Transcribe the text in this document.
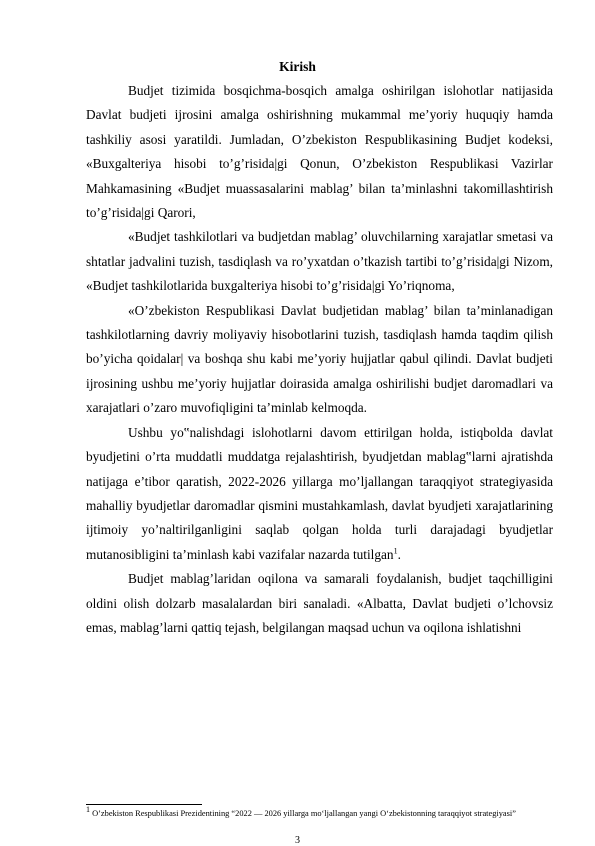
Kirish

Budjet tizimida bosqichma-bosqich amalga oshirilgan islohotlar natijasida Davlat budjeti ijrosini amalga oshirishning mukammal me’yoriy huquqiy hamda tashkiliy asosi yaratildi. Jumladan, O’zbekiston Respublikasining Budjet kodeksi, «Buxgalteriya hisobi to’g’risida|gi Qonun, O’zbekiston Respublikasi Vazirlar Mahkamasining «Budjet muassasalarini mablag’ bilan ta’minlashni takomillashtirish to’g’risida|gi Qarori,

«Budjet tashkilotlari va budjetdan mablag’ oluvchilarning xarajatlar smetasi va shtatlar jadvalini tuzish, tasdiqlash va ro’yxatdan o’tkazish tartibi to’g’risida|gi Nizom, «Budjet tashkilotlarida buxgalteriya hisobi to’g’risida|gi Yo’riqnoma,

«O’zbekiston Respublikasi Davlat budjetidan mablag’ bilan ta’minlanadigan tashkilotlarning davriy moliyaviy hisobotlarini tuzish, tasdiqlash hamda taqdim qilish bo’yicha qoidalar| va boshqa shu kabi me’yoriy hujjatlar qabul qilindi. Davlat budjeti ijrosining ushbu me’yoriy hujjatlar doirasida amalga oshirilishi budjet daromadlari va xarajatlari o’zaro muvofiqligini ta’minlab kelmoqda.

Ushbu yo‟nalishdagi islohotlarni davom ettirilgan holda, istiqbolda davlat byudjetini o’rta muddatli muddatga rejalashtirish, byudjetdan mablag‟larni ajratishda natijaga e’tibor qaratish, 2022-2026 yillarga mo’ljallangan taraqqiyot strategiyasida mahalliy byudjetlar daromadlar qismini mustahkamlash, davlat byudjeti xarajatlarining ijtimoiy yo’naltirilganligini saqlab qolgan holda turli darajadagi byudjetlar mutanosibligini ta’minlash kabi vazifalar nazarda tutilgan$^1$.

Budjet mablag’laridan oqilona va samarali foydalanish, budjet taqchilligini oldini olish dolzarb masalalardan biri sanaladi. «Albatta, Davlat budjeti o’lchovsiz emas, mablag’larni qattiq tejash, belgilangan maqsad uchun va oqilona ishlatishni

$^1$ O’zbekiston Respublikasi Prezidentining “2022 — 2026 yillarga mo‘ljallangan yangi O‘zbekistonning taraqqiyot strategiyasi”
3
